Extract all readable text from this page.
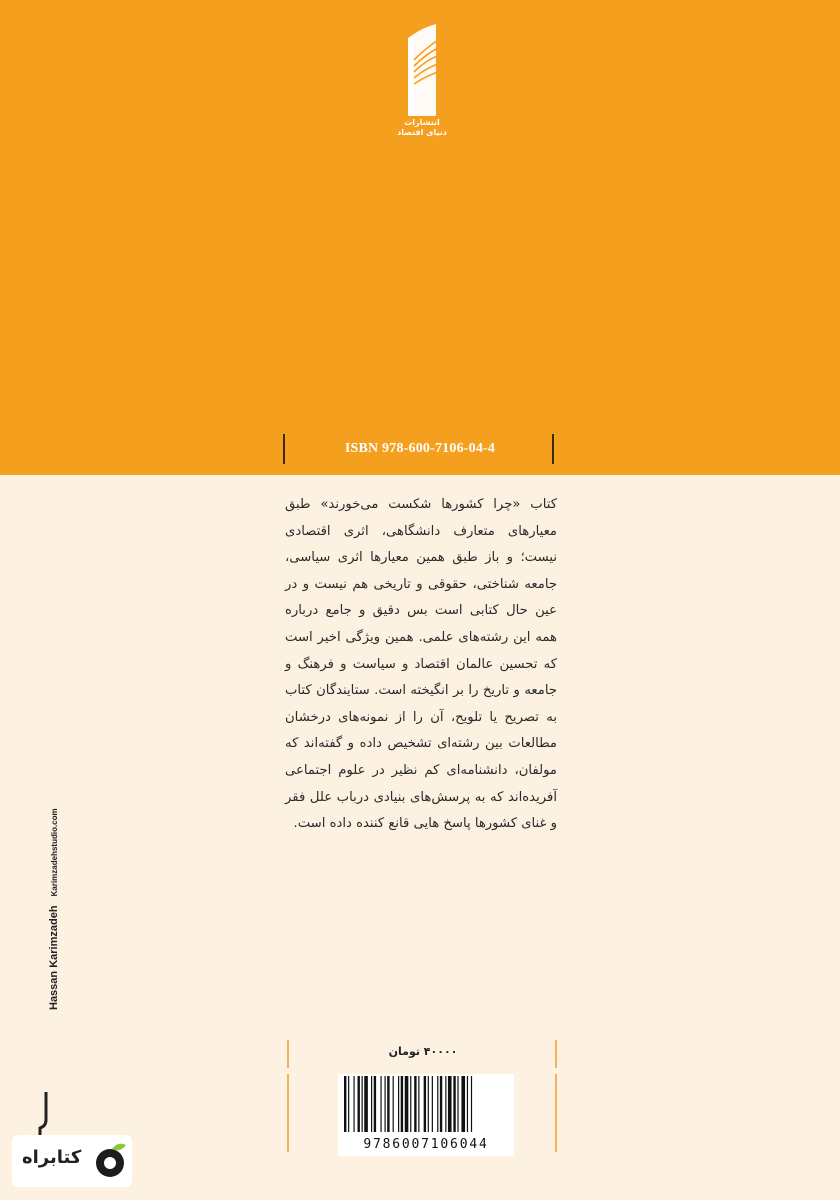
انتشارات
دنیای اقتصاد
ISBN 978-600-7106-04-4
کتاب «چرا کشورها شکست می‌خورند» طبق معیارهای متعارف دانشگاهی، اثری اقتصادی نیست؛ و باز طبق همین معیارها اثری سیاسی، جامعه شناختی، حقوقی و تاریخی هم نیست و در عین حال کتابی است بس دقیق و جامع درباره همه این رشته‌های علمی. همین ویژگی اخیر است که تحسین عالمان اقتصاد و سیاست و فرهنگ و جامعه و تاریخ را بر انگیخته است. ستایندگان کتاب به تصریح یا تلویح، آن را از نمونه‌های درخشان مطالعات بین رشته‌ای تشخیص داده و گفته‌اند که مولفان، دانشنامه‌ای کم نظیر در علوم اجتماعی آفریده‌اند که به پرسش‌های بنیادی درباب علل فقر و غنای کشورها پاسخ هایی قانع کننده داده است.
۴۰۰۰۰ تومان
9786007106044
Hassan Karimzadeh Karimzadehstudio.com
کتابراه
